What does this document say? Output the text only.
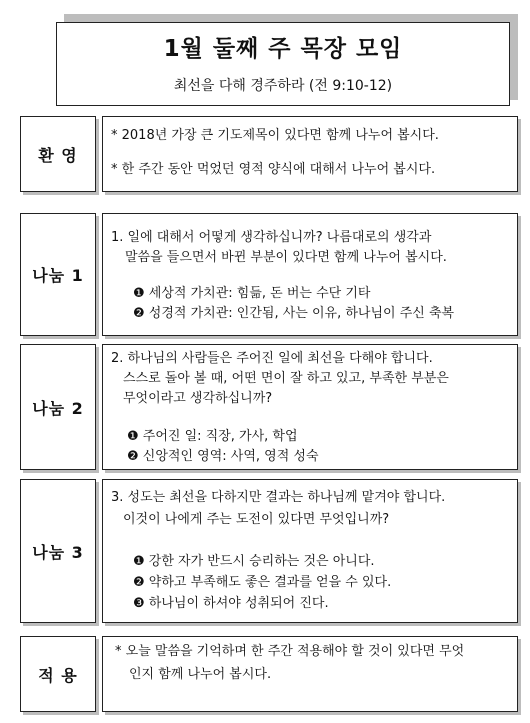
1월 둘째 주 목장 모임
최선을 다해 경주하라 (전 9:10-12)
환 영
* 2018년 가장 큰 기도제목이 있다면 함께 나누어 봅시다.
* 한 주간 동안 먹었던 영적 양식에 대해서 나누어 봅시다.
나눔 1
1. 일에 대해서 어떻게 생각하십니까? 나름대로의 생각과
말씀을 들으면서 바뀐 부분이 있다면 함께 나누어 봅시다.
❶ 세상적 가치관: 힘듦, 돈 버는 수단 기타
❷ 성경적 가치관: 인간됨, 사는 이유, 하나님이 주신 축복
나눔 2
2. 하나님의 사람들은 주어진 일에 최선을 다해야 합니다.
스스로 돌아 볼 때, 어떤 면이 잘 하고 있고, 부족한 부분은
무엇이라고 생각하십니까?
❶ 주어진 일: 직장, 가사, 학업
❷ 신앙적인 영역: 사역, 영적 성숙
나눔 3
3. 성도는 최선을 다하지만 결과는 하나님께 맡겨야 합니다.
이것이 나에게 주는 도전이 있다면 무엇입니까?
❶ 강한 자가 반드시 승리하는 것은 아니다.
❷ 약하고 부족해도 좋은 결과를 얻을 수 있다.
❸ 하나님이 하셔야 성취되어 진다.
적 용
* 오늘 말씀을 기억하며 한 주간 적용해야 할 것이 있다면 무엇
인지 함께 나누어 봅시다.
